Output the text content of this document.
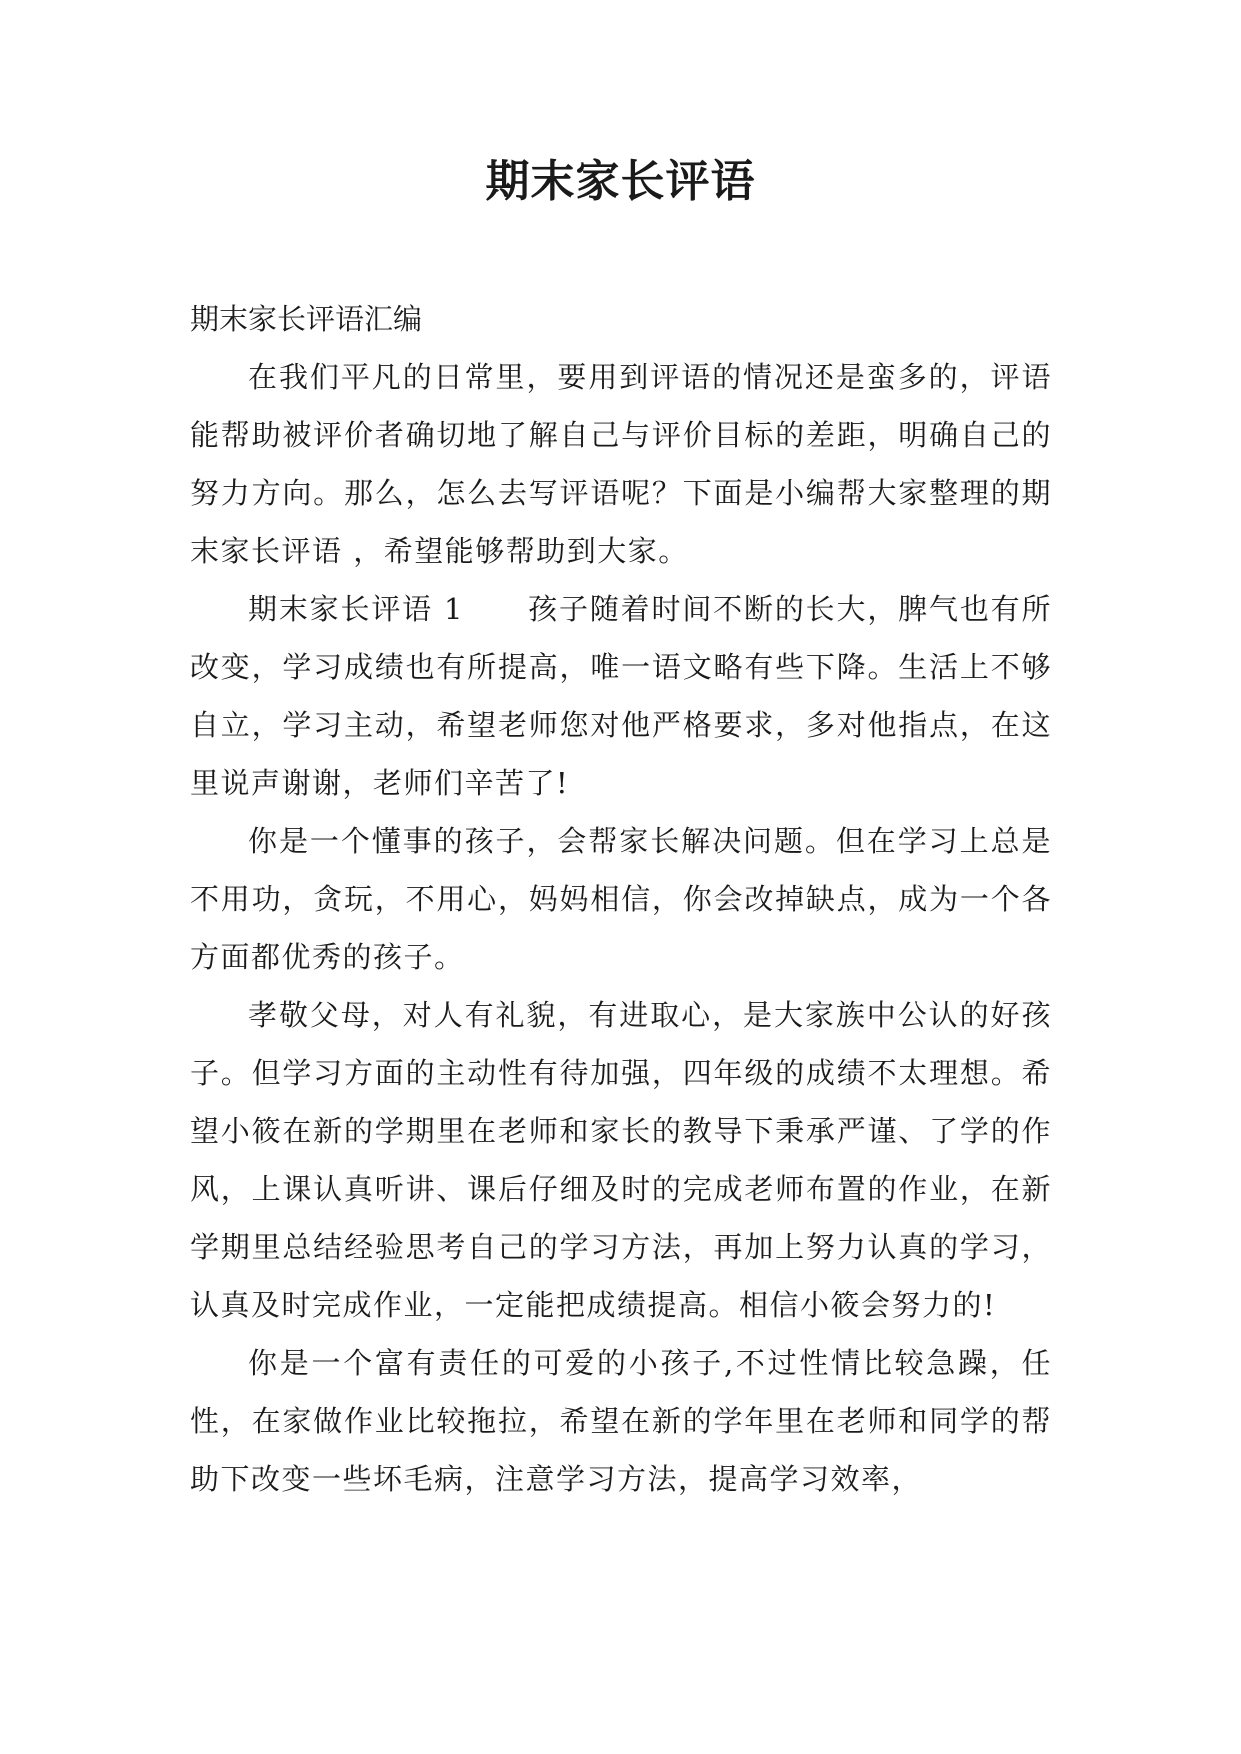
期末家长评语

期末家长评语汇编

在我们平凡的日常里，要用到评语的情况还是蛮多的，评语能帮助被评价者确切地了解自己与评价目标的差距，明确自己的努力方向。那么，怎么去写评语呢？下面是小编帮大家整理的期末家长评语 ，希望能够帮助到大家。

期末家长评语 1 孩子随着时间不断的长大，脾气也有所改变，学习成绩也有所提高，唯一语文略有些下降。生活上不够自立，学习主动，希望老师您对他严格要求，多对他指点，在这里说声谢谢，老师们辛苦了!

你是一个懂事的孩子，会帮家长解决问题。但在学习上总是不用功，贪玩，不用心，妈妈相信，你会改掉缺点，成为一个各方面都优秀的孩子。

孝敬父母，对人有礼貌，有进取心，是大家族中公认的好孩子。但学习方面的主动性有待加强，四年级的成绩不太理想。希望小筱在新的学期里在老师和家长的教导下秉承严谨、了学的作风，上课认真听讲、课后仔细及时的完成老师布置的作业，在新学期里总结经验思考自己的学习方法，再加上努力认真的学习，认真及时完成作业，一定能把成绩提高。相信小筱会努力的!

你是一个富有责任的可爱的小孩子,不过性情比较急躁，任性，在家做作业比较拖拉，希望在新的学年里在老师和同学的帮助下改变一些坏毛病，注意学习方法，提高学习效率，
